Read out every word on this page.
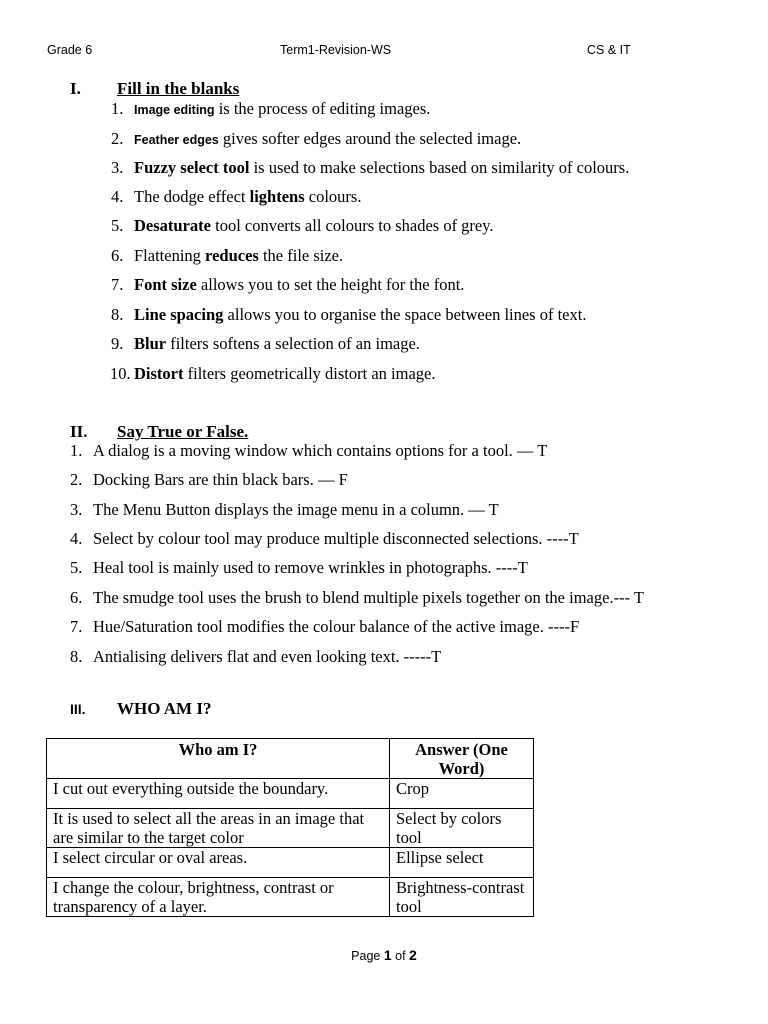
Grade 6	Term1-Revision-WS	CS & IT
I. Fill in the blanks
1. Image editing is the process of editing images.
2. Feather edges gives softer edges around the selected image.
3. Fuzzy select tool is used to make selections based on similarity of colours.
4. The dodge effect lightens colours.
5. Desaturate tool converts all colours to shades of grey.
6. Flattening reduces the file size.
7. Font size allows you to set the height for the font.
8. Line spacing allows you to organise the space between lines of text.
9. Blur filters softens a selection of an image.
10. Distort filters geometrically distort an image.
II. Say True or False.
1. A dialog is a moving window which contains options for a tool. — T
2. Docking Bars are thin black bars. — F
3. The Menu Button displays the image menu in a column. — T
4. Select by colour tool may produce multiple disconnected selections. ----T
5. Heal tool is mainly used to remove wrinkles in photographs. ----T
6. The smudge tool uses the brush to blend multiple pixels together on the image.--- T
7. Hue/Saturation tool modifies the colour balance of the active image. ----F
8. Antialising delivers flat and even looking text. -----T
III. WHO AM I?
Who am I?	Answer (One Word)
I cut out everything outside the boundary.	Crop
It is used to select all the areas in an image that are similar to the target color	Select by colors tool
I select circular or oval areas.	Ellipse select
I change the colour, brightness, contrast or transparency of a layer.	Brightness-contrast tool
Page 1 of 2
